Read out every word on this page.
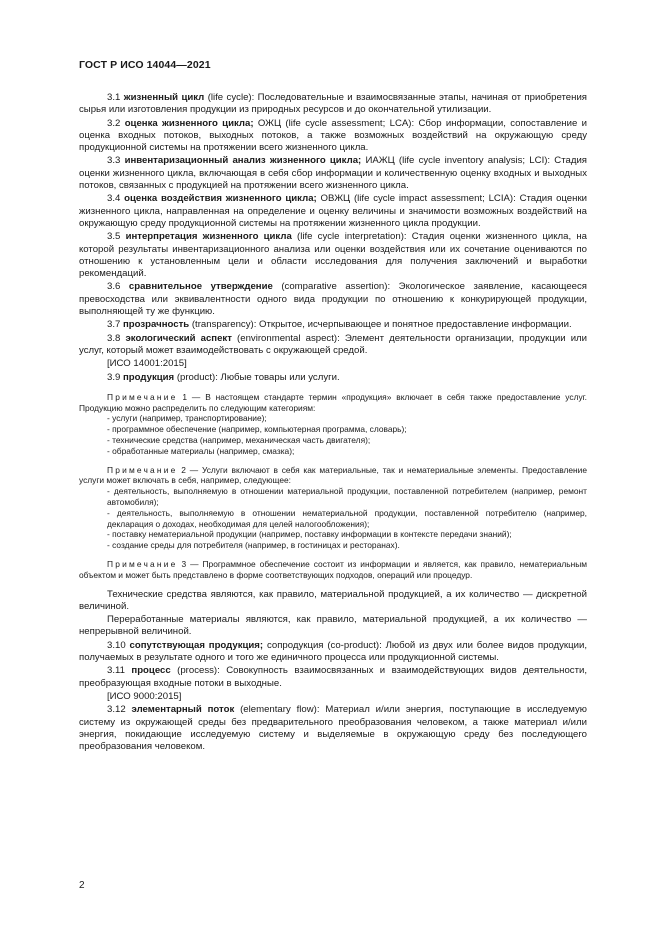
ГОСТ Р ИСО 14044—2021

3.1 жизненный цикл (life cycle): Последовательные и взаимосвязанные этапы, начиная от приобретения сырья или изготовления продукции из природных ресурсов и до окончательной утилизации.

3.2 оценка жизненного цикла; ОЖЦ (life cycle assessment; LCA): Сбор информации, сопоставление и оценка входных потоков, выходных потоков, а также возможных воздействий на окружающую среду продукционной системы на протяжении всего жизненного цикла.

3.3 инвентаризационный анализ жизненного цикла; ИАЖЦ (life cycle inventory analysis; LCI): Стадия оценки жизненного цикла, включающая в себя сбор информации и количественную оценку входных и выходных потоков, связанных с продукцией на протяжении всего жизненного цикла.

3.4 оценка воздействия жизненного цикла; ОВЖЦ (life cycle impact assessment; LCIA): Стадия оценки жизненного цикла, направленная на определение и оценку величины и значимости возможных воздействий на окружающую среду продукционной системы на протяжении жизненного цикла продукции.

3.5 интерпретация жизненного цикла (life cycle interpretation): Стадия оценки жизненного цикла, на которой результаты инвентаризационного анализа или оценки воздействия или их сочетание оцениваются по отношению к установленным цели и области исследования для получения заключений и выработки рекомендаций.

3.6 сравнительное утверждение (comparative assertion): Экологическое заявление, касающееся превосходства или эквивалентности одного вида продукции по отношению к конкурирующей продукции, выполняющей ту же функцию.

3.7 прозрачность (transparency): Открытое, исчерпывающее и понятное предоставление информации.

3.8 экологический аспект (environmental aspect): Элемент деятельности организации, продукции или услуг, который может взаимодействовать с окружающей средой.

[ИСО 14001:2015]

3.9 продукция (product): Любые товары или услуги.

Примечание 1 — В настоящем стандарте термин «продукция» включает в себя также предоставление услуг. Продукцию можно распределить по следующим категориям:
- услуги (например, транспортирование);
- программное обеспечение (например, компьютерная программа, словарь);
- технические средства (например, механическая часть двигателя);
- обработанные материалы (например, смазка);
Примечание 2 — Услуги включают в себя как материальные, так и нематериальные элементы. Предоставление услуги может включать в себя, например, следующее:
- деятельность, выполняемую в отношении материальной продукции, поставленной потребителем (например, ремонт автомобиля);
- деятельность, выполняемую в отношении нематериальной продукции, поставленной потребителю (например, декларация о доходах, необходимая для целей налогообложения);
- поставку нематериальной продукции (например, поставку информации в контексте передачи знаний);
- создание среды для потребителя (например, в гостиницах и ресторанах).
Примечание 3 — Программное обеспечение состоит из информации и является, как правило, нематериальным объектом и может быть представлено в форме соответствующих подходов, операций или процедур.

Технические средства являются, как правило, материальной продукцией, а их количество — дискретной величиной.

Переработанные материалы являются, как правило, материальной продукцией, а их количество — непрерывной величиной.

3.10 сопутствующая продукция; сопродукция (co-product): Любой из двух или более видов продукции, получаемых в результате одного и того же единичного процесса или продукционной системы.

3.11 процесс (process): Совокупность взаимосвязанных и взаимодействующих видов деятельности, преобразующая входные потоки в выходные.

[ИСО 9000:2015]

3.12 элементарный поток (elementary flow): Материал и/или энергия, поступающие в исследуемую систему из окружающей среды без предварительного преобразования человеком, а также материал и/или энергия, покидающие исследуемую систему и выделяемые в окружающую среду без последующего преобразования человеком.

2
